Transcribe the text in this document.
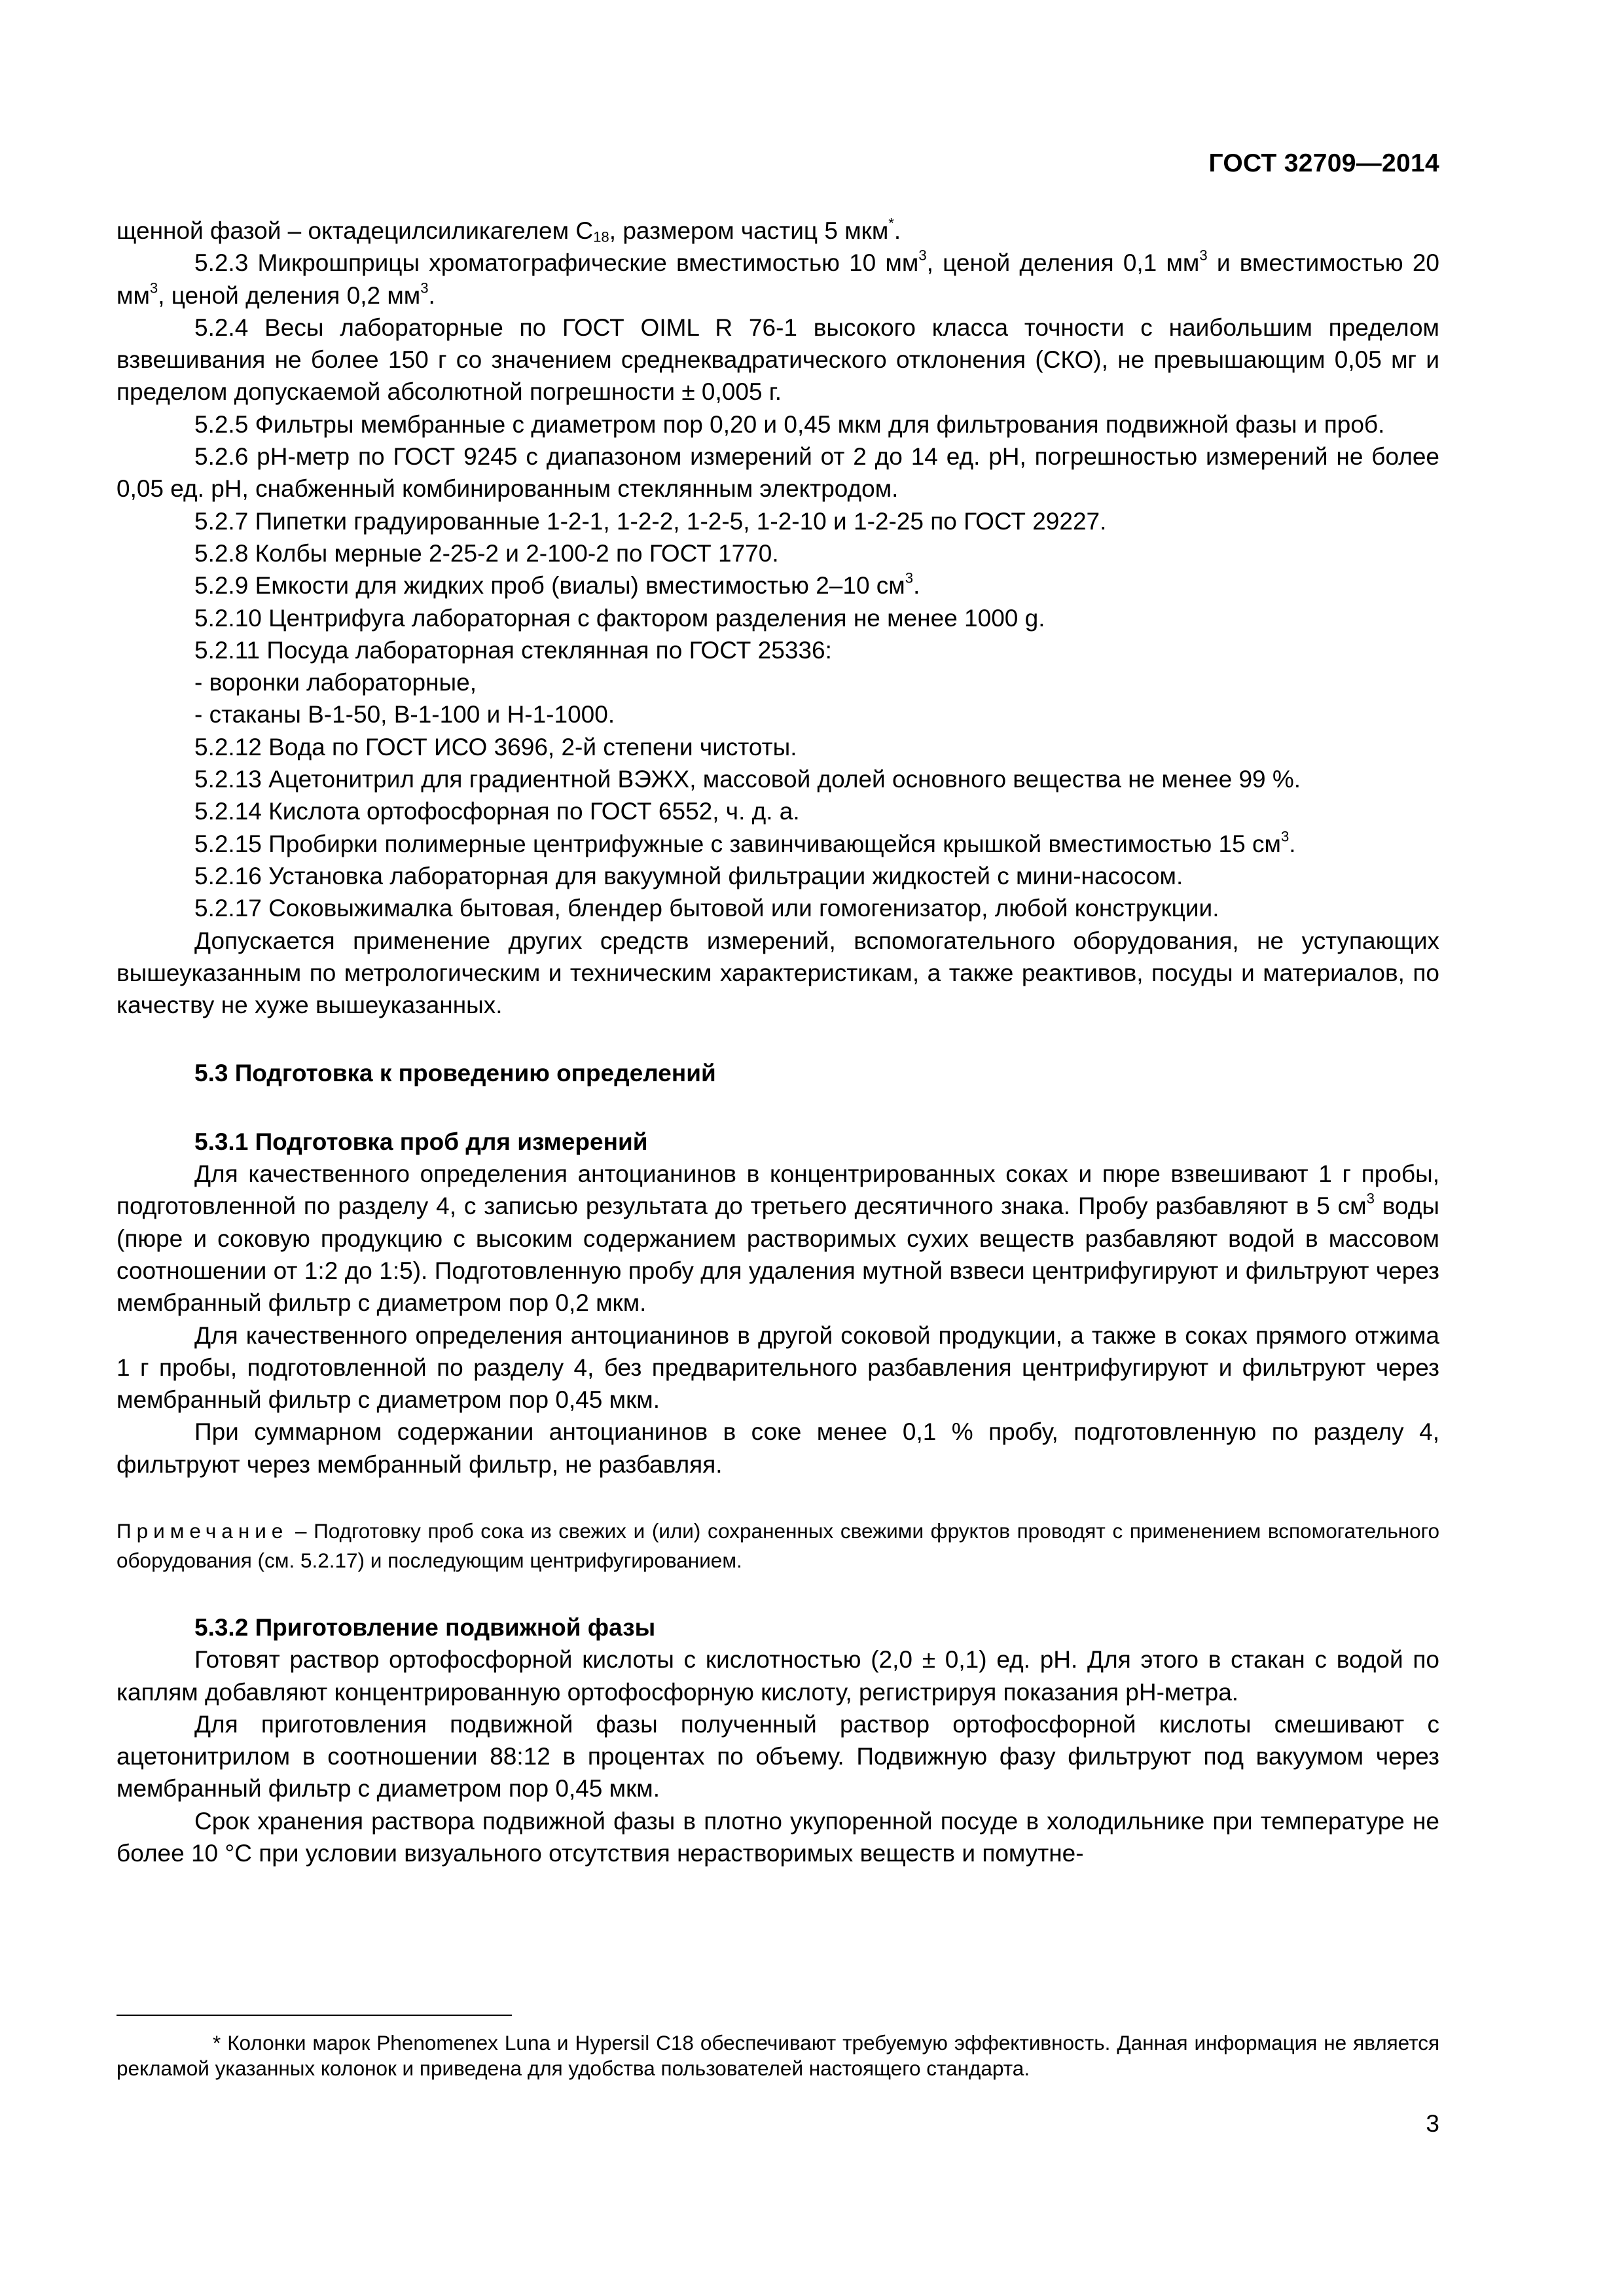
ГОСТ 32709—2014

щенной фазой – октадецилсиликагелем $С_{18}$, размером частиц 5 мкм*.

5.2.3 Микрошприцы хроматографические вместимостью 10 $мм^3$, ценой деления 0,1 $мм^3$ и вместимостью 20 $мм^3$, ценой деления 0,2 $мм^3$.

5.2.4 Весы лабораторные по ГОСТ OIML R 76-1 высокого класса точности с наибольшим пределом взвешивания не более 150 г со значением среднеквадратического отклонения (СКО), не превышающим 0,05 мг и пределом допускаемой абсолютной погрешности ± 0,005 г.

5.2.5 Фильтры мембранные с диаметром пор 0,20 и 0,45 мкм для фильтрования подвижной фазы и проб.

5.2.6 pH-метр по ГОСТ 9245 с диапазоном измерений от 2 до 14 ед. pH, погрешностью измерений не более 0,05 ед. pH, снабженный комбинированным стеклянным электродом.

5.2.7 Пипетки градуированные 1-2-1, 1-2-2, 1-2-5, 1-2-10 и 1-2-25 по ГОСТ 29227.

5.2.8 Колбы мерные 2-25-2 и 2-100-2 по ГОСТ 1770.

5.2.9 Емкости для жидких проб (виалы) вместимостью 2–10 $см^3$.

5.2.10 Центрифуга лабораторная с фактором разделения не менее 1000 g.

5.2.11 Посуда лабораторная стеклянная по ГОСТ 25336:

- воронки лабораторные,

- стаканы В-1-50, В-1-100 и Н-1-1000.

5.2.12 Вода по ГОСТ ИСО 3696, 2-й степени чистоты.

5.2.13 Ацетонитрил для градиентной ВЭЖХ, массовой долей основного вещества не менее 99 %.

5.2.14 Кислота ортофосфорная по ГОСТ 6552, ч. д. а.

5.2.15 Пробирки полимерные центрифужные с завинчивающейся крышкой вместимостью 15 $см^3$.

5.2.16 Установка лабораторная для вакуумной фильтрации жидкостей с мини-насосом.

5.2.17 Соковыжималка бытовая, блендер бытовой или гомогенизатор, любой конструкции.

Допускается применение других средств измерений, вспомогательного оборудования, не уступающих вышеуказанным по метрологическим и техническим характеристикам, а также реактивов, посуды и материалов, по качеству не хуже вышеуказанных.

5.3 Подготовка к проведению определений

5.3.1 Подготовка проб для измерений

Для качественного определения антоцианинов в концентрированных соках и пюре взвешивают 1 г пробы, подготовленной по разделу 4, с записью результата до третьего десятичного знака. Пробу разбавляют в 5 $см^3$ воды (пюре и соковую продукцию с высоким содержанием растворимых сухих веществ разбавляют водой в массовом соотношении от 1:2 до 1:5). Подготовленную пробу для удаления мутной взвеси центрифугируют и фильтруют через мембранный фильтр с диаметром пор 0,2 мкм.

Для качественного определения антоцианинов в другой соковой продукции, а также в соках прямого отжима 1 г пробы, подготовленной по разделу 4, без предварительного разбавления центрифугируют и фильтруют через мембранный фильтр с диаметром пор 0,45 мкм.

При суммарном содержании антоцианинов в соке менее 0,1 % пробу, подготовленную по разделу 4, фильтруют через мембранный фильтр, не разбавляя.

Примечание – Подготовку проб сока из свежих и (или) сохраненных свежими фруктов проводят с применением вспомогательного оборудования (см. 5.2.17) и последующим центрифугированием.

5.3.2 Приготовление подвижной фазы

Готовят раствор ортофосфорной кислоты с кислотностью (2,0 ± 0,1) ед. pH. Для этого в стакан с водой по каплям добавляют концентрированную ортофосфорную кислоту, регистрируя показания pH-метра.

Для приготовления подвижной фазы полученный раствор ортофосфорной кислоты смешивают с ацетонитрилом в соотношении 88:12 в процентах по объему. Подвижную фазу фильтруют под вакуумом через мембранный фильтр с диаметром пор 0,45 мкм.

Срок хранения раствора подвижной фазы в плотно укупоренной посуде в холодильнике при температуре не более 10 °С при условии визуального отсутствия нерастворимых веществ и помутне-

* Колонки марок Phenomenex Luna и Hypersil C18 обеспечивают требуемую эффективность. Данная информация не является рекламой указанных колонок и приведена для удобства пользователей настоящего стандарта.

3
